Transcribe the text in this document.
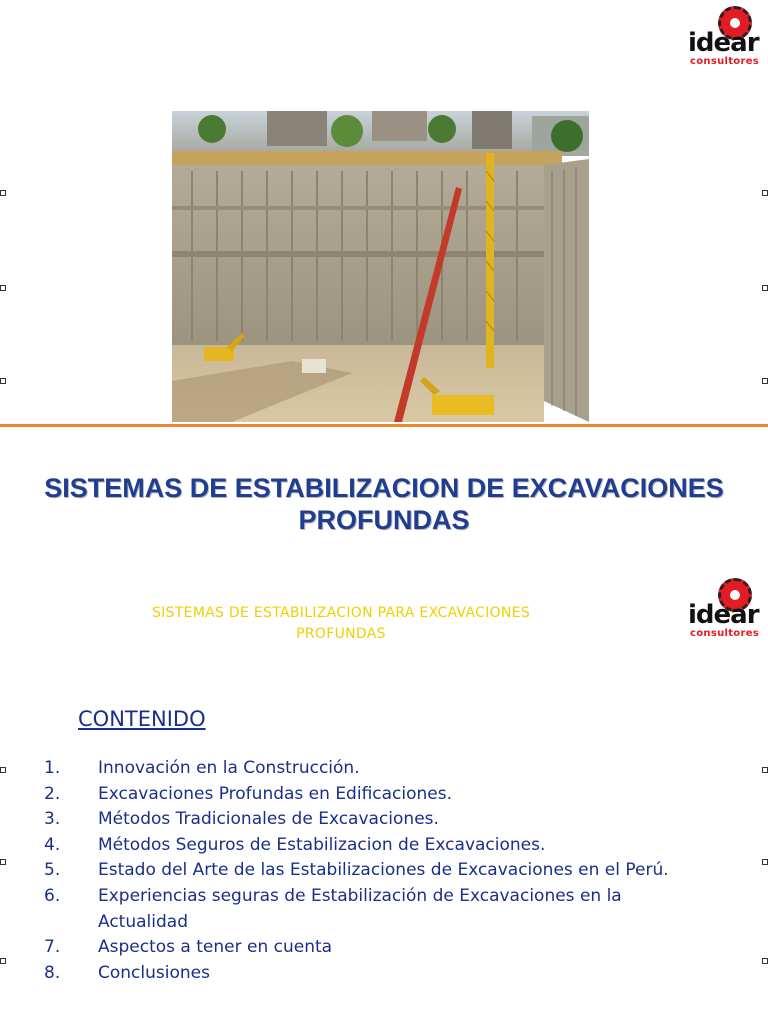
idear
consultores
SISTEMAS DE ESTABILIZACION DE EXCAVACIONES
PROFUNDAS
SISTEMAS DE ESTABILIZACION PARA EXCAVACIONES
PROFUNDAS
idear
consultores
CONTENIDO
1.	Innovación en la Construcción.
2.	Excavaciones Profundas en Edificaciones.
3.	Métodos Tradicionales de Excavaciones.
4.	Métodos Seguros de Estabilizacion de Excavaciones.
5.	Estado del Arte de las Estabilizaciones de Excavaciones en el Perú.
6.	Experiencias seguras de Estabilización de Excavaciones en la Actualidad
7.	Aspectos a tener en cuenta
8.	Conclusiones
